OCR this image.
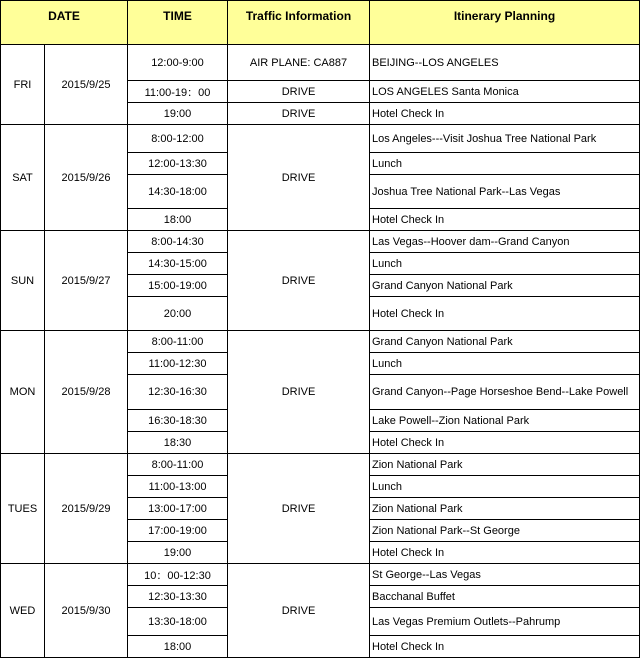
DATE		TIME	Traffic Information	Itinerary Planning
FRI	2015/9/25	12:00-9:00	AIR PLANE: CA887	BEIJING--LOS ANGELES
		11:00-19：00	DRIVE	LOS ANGELES Santa Monica
		19:00	DRIVE	Hotel Check In
SAT	2015/9/26	8:00-12:00	DRIVE	Los Angeles---Visit Joshua Tree National Park
		12:00-13:30		Lunch
		14:30-18:00		Joshua Tree National Park--Las Vegas
		18:00		Hotel Check In
SUN	2015/9/27	8:00-14:30	DRIVE	Las Vegas--Hoover dam--Grand Canyon
		14:30-15:00		Lunch
		15:00-19:00		Grand Canyon National Park
		20:00		Hotel Check In
MON	2015/9/28	8:00-11:00	DRIVE	Grand Canyon National Park
		11:00-12:30		Lunch
		12:30-16:30		Grand Canyon--Page Horseshoe Bend--Lake Powell
		16:30-18:30		Lake Powell--Zion National Park
		18:30		Hotel Check In
TUES	2015/9/29	8:00-11:00	DRIVE	Zion National Park
		11:00-13:00		Lunch
		13:00-17:00		Zion National Park
		17:00-19:00		Zion National Park--St George
		19:00		Hotel Check In
WED	2015/9/30	10：00-12:30	DRIVE	St George--Las Vegas
		12:30-13:30		Bacchanal Buffet
		13:30-18:00		Las Vegas Premium Outlets--Pahrump
		18:00		Hotel Check In
